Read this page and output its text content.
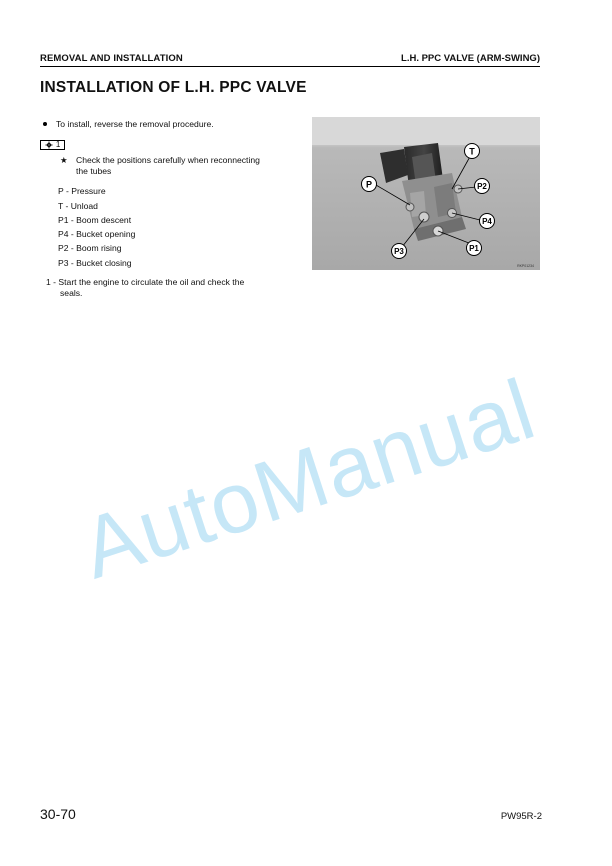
REMOVAL AND INSTALLATION	L.H. PPC VALVE (ARM-SWING)
INSTALLATION OF L.H. PPC VALVE
To install, reverse the removal procedure.
1
★ Check the positions carefully when reconnecting
the tubes
P - Pressure
T - Unload
P1 - Boom descent
P4 - Bucket opening
P2 - Boom rising
P3 - Bucket closing
1 - Start the engine to circulate the oil and check the
seals.
T
P	P2
P4
P1
P3
RKP01234
AutoManual
30-70	PW95R-2
